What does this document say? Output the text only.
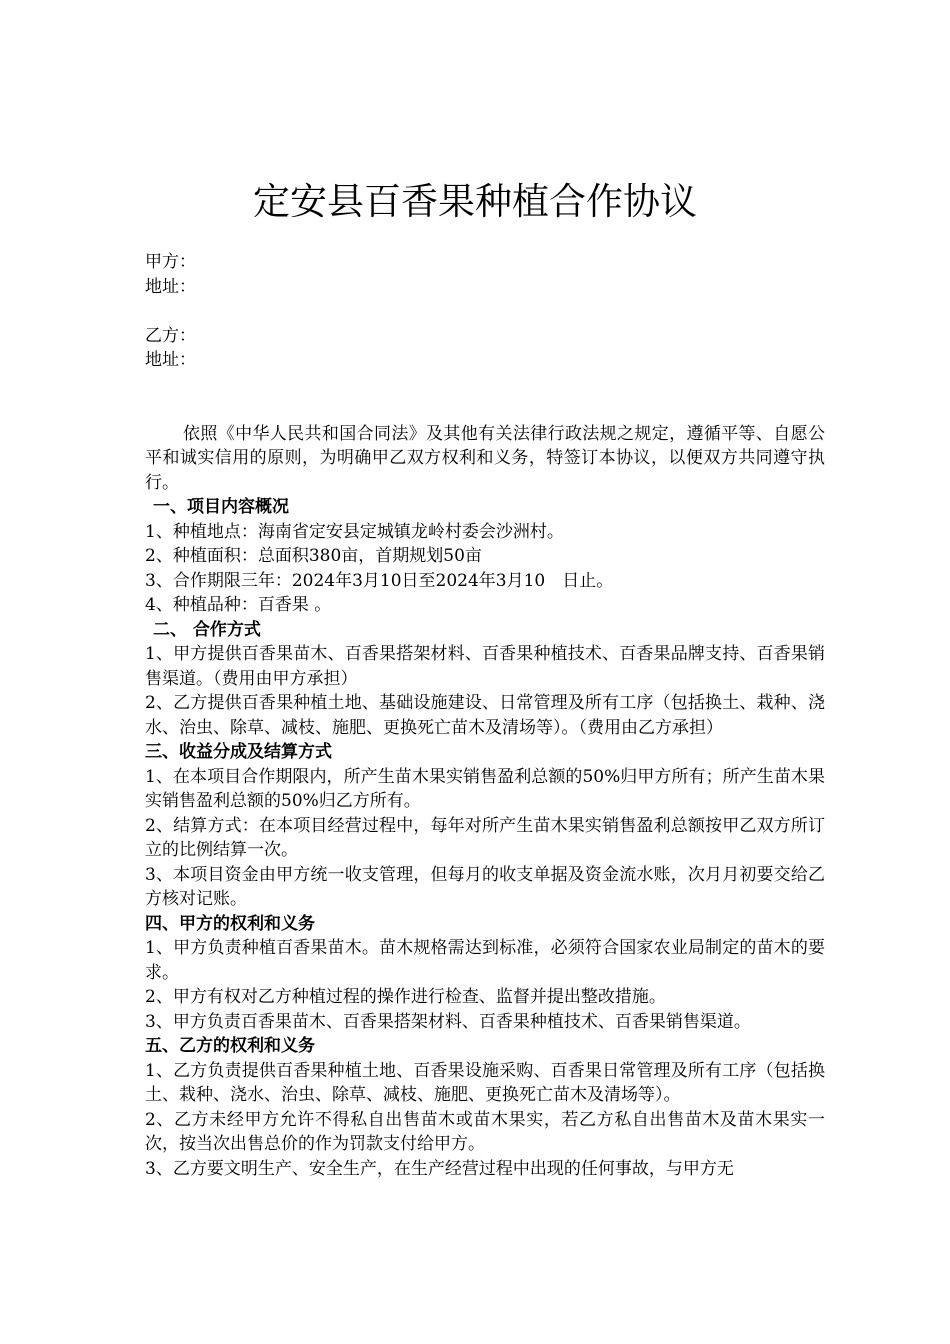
定安县百香果种植合作协议

甲方：

地址：

乙方：

地址：

依照《中华人民共和国合同法》及其他有关法律行政法规之规定，遵循平等、自愿公平和诚实信用的原则，为明确甲乙双方权利和义务，特签订本协议，以便双方共同遵守执行。

一、项目内容概况

1、种植地点：海南省定安县定城镇龙岭村委会沙洲村。

2、种植面积：总面积380亩，首期规划50亩

3、合作期限三年：2024年3月10日至2024年3月10　日止。

4、种植品种：百香果 。

二、 合作方式

1、甲方提供百香果苗木、百香果搭架材料、百香果种植技术、百香果品牌支持、百香果销售渠道。（费用由甲方承担）

2、乙方提供百香果种植土地、基础设施建设、日常管理及所有工序（包括换土、栽种、浇水、治虫、除草、减枝、施肥、更换死亡苗木及清场等）。（费用由乙方承担）

三、收益分成及结算方式

1、在本项目合作期限内，所产生苗木果实销售盈利总额的50%归甲方所有；所产生苗木果实销售盈利总额的50%归乙方所有。

2、结算方式：在本项目经营过程中，每年对所产生苗木果实销售盈利总额按甲乙双方所订立的比例结算一次。

3、本项目资金由甲方统一收支管理，但每月的收支单据及资金流水账，次月月初要交给乙方核对记账。

四、甲方的权利和义务

1、甲方负责种植百香果苗木。苗木规格需达到标准，必须符合国家农业局制定的苗木的要求。

2、甲方有权对乙方种植过程的操作进行检查、监督并提出整改措施。

3、甲方负责百香果苗木、百香果搭架材料、百香果种植技术、百香果销售渠道。

五、乙方的权利和义务

1、乙方负责提供百香果种植土地、百香果设施采购、百香果日常管理及所有工序（包括换土、栽种、浇水、治虫、除草、减枝、施肥、更换死亡苗木及清场等）。

2、乙方未经甲方允许不得私自出售苗木或苗木果实，若乙方私自出售苗木及苗木果实一次，按当次出售总价的作为罚款支付给甲方。

3、乙方要文明生产、安全生产，在生产经营过程中出现的任何事故，与甲方无
